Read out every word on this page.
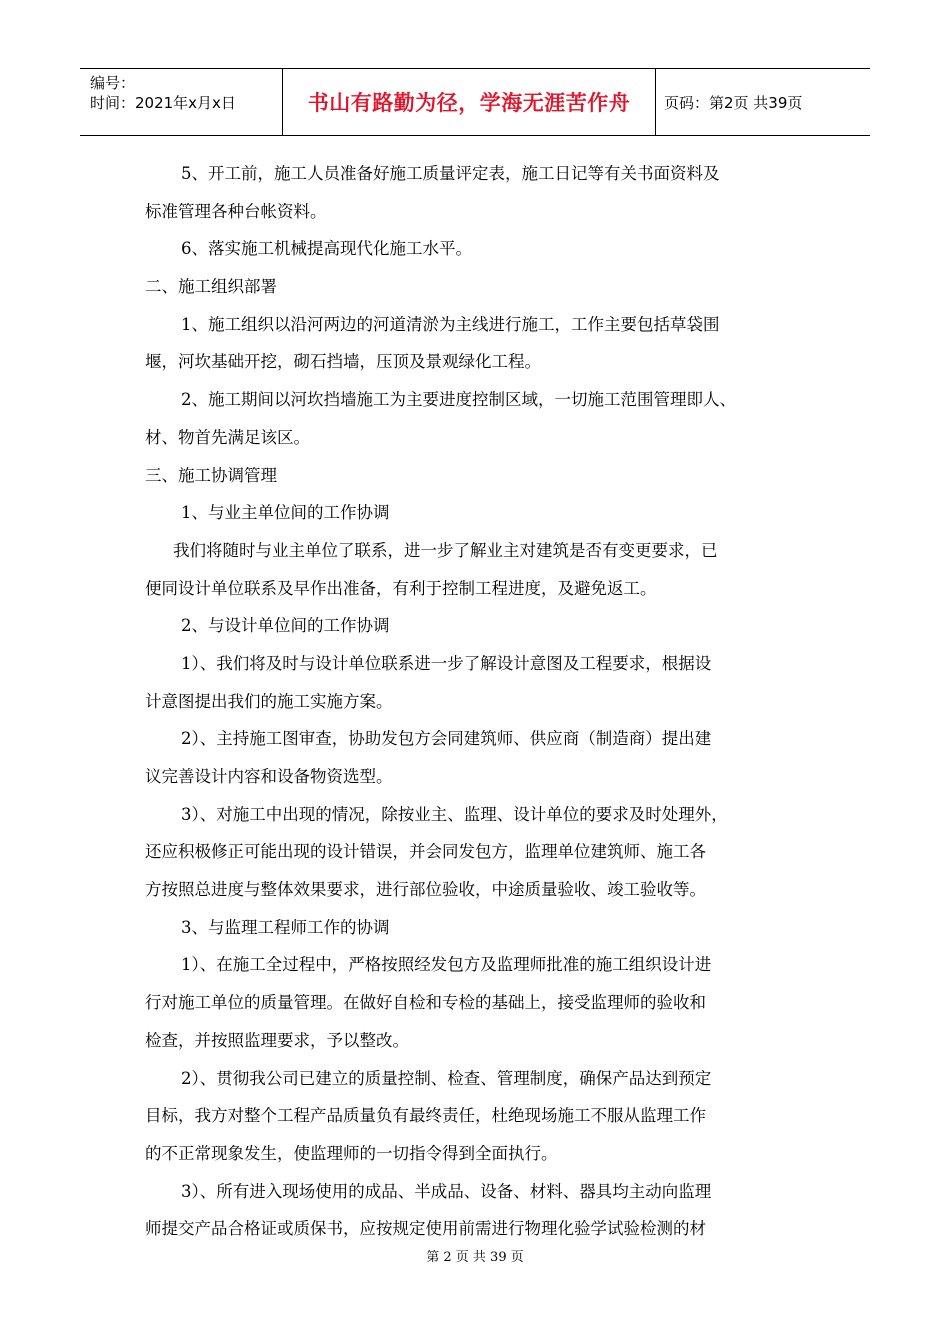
编号：
时间：2021年x月x日	书山有路勤为径，学海无涯苦作舟 页码：第2页 共39页
5、开工前，施工人员准备好施工质量评定表，施工日记等有关书面资料及
标准管理各种台帐资料。
6、落实施工机械提高现代化施工水平。
二、施工组织部署
1、施工组织以沿河两边的河道清淤为主线进行施工，工作主要包括草袋围
堰，河坎基础开挖，砌石挡墙，压顶及景观绿化工程。
2、施工期间以河坎挡墙施工为主要进度控制区域，一切施工范围管理即人、
材、物首先满足该区。
三、施工协调管理
1、与业主单位间的工作协调
我们将随时与业主单位了联系，进一步了解业主对建筑是否有变更要求，已
便同设计单位联系及早作出准备，有利于控制工程进度，及避免返工。
2、与设计单位间的工作协调
1）、我们将及时与设计单位联系进一步了解设计意图及工程要求，根据设
计意图提出我们的施工实施方案。
2）、主持施工图审查，协助发包方会同建筑师、供应商（制造商）提出建
议完善设计内容和设备物资选型。
3）、对施工中出现的情况，除按业主、监理、设计单位的要求及时处理外，
还应积极修正可能出现的设计错误，并会同发包方，监理单位建筑师、施工各
方按照总进度与整体效果要求，进行部位验收，中途质量验收、竣工验收等。
3、与监理工程师工作的协调
1）、在施工全过程中，严格按照经发包方及监理师批准的施工组织设计进
行对施工单位的质量管理。在做好自检和专检的基础上，接受监理师的验收和
检查，并按照监理要求，予以整改。
2）、贯彻我公司已建立的质量控制、检查、管理制度，确保产品达到预定
目标，我方对整个工程产品质量负有最终责任，杜绝现场施工不服从监理工作
的不正常现象发生，使监理师的一切指令得到全面执行。
3）、所有进入现场使用的成品、半成品、设备、材料、器具均主动向监理
师提交产品合格证或质保书，应按规定使用前需进行物理化验学试验检测的材
第 2 页 共 39 页
